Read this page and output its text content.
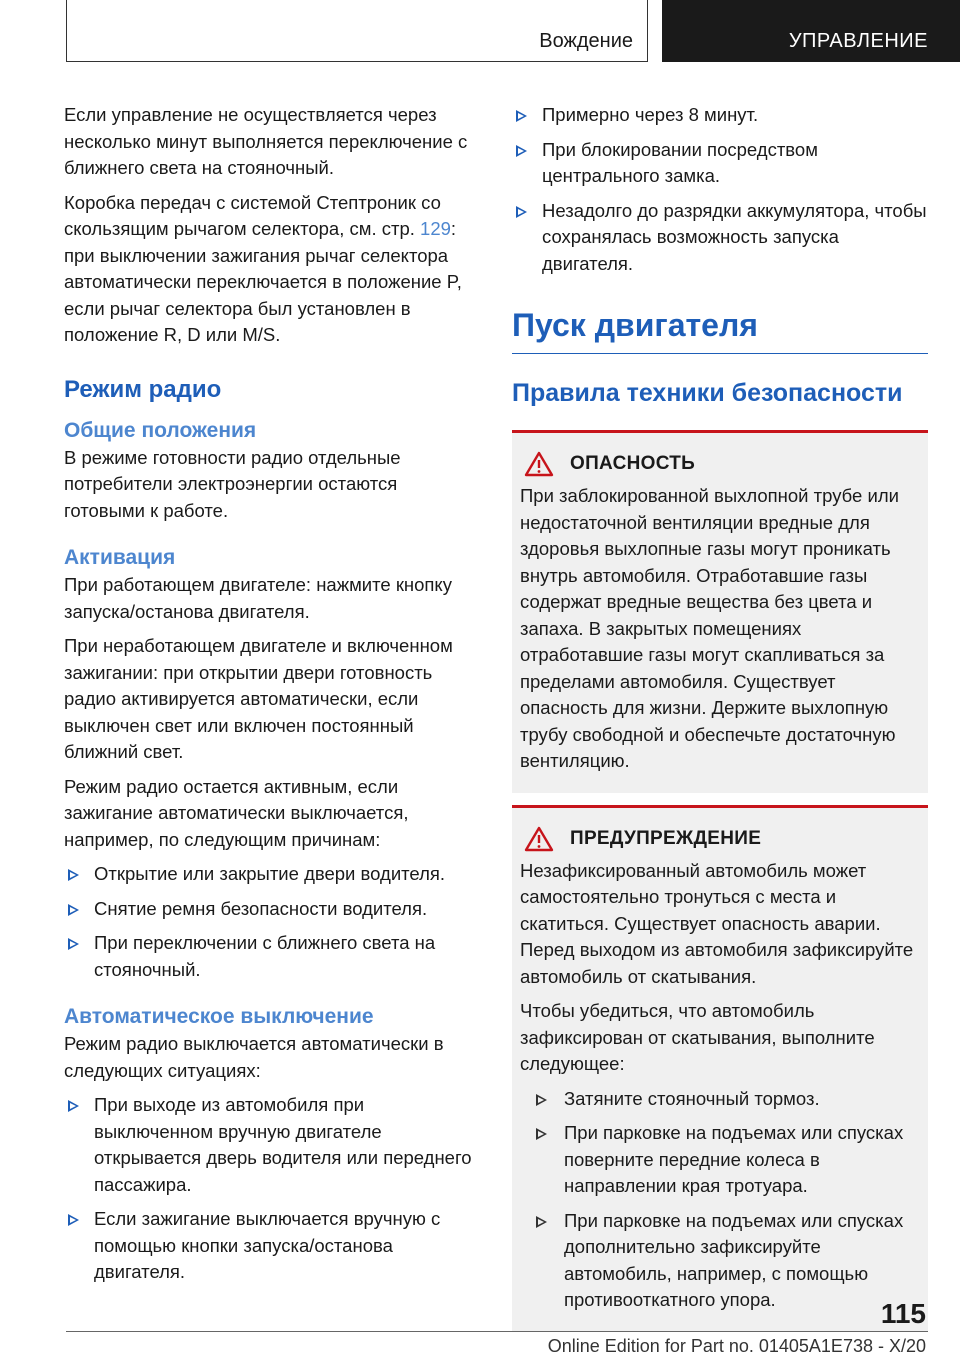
Вождение	УПРАВЛЕНИЕ

Если управление не осуществляется через несколько минут выполняется переключение с ближнего света на стояночный.

Коробка передач с системой Стептроник со скользящим рычагом селектора, см. стр. 129: при выключении зажигания рычаг селектора автоматически переключается в положение P, если рычаг селектора был установлен в положение R, D или M/S.

Режим радио
Общие положения

В режиме готовности радио отдельные потребители электроэнергии остаются готовыми к работе.

Активация

При работающем двигателе: нажмите кнопку запуска/останова двигателя.

При неработающем двигателе и включенном зажигании: при открытии двери готовность радио активируется автоматически, если выключен свет или включен постоянный ближний свет.

Режим радио остается активным, если зажигание автоматически выключается, например, по следующим причинам:

Открытие или закрытие двери водителя.
Снятие ремня безопасности водителя.
При переключении с ближнего света на стояночный.
Автоматическое выключение

Режим радио выключается автоматически в следующих ситуациях:

При выходе из автомобиля при выключенном вручную двигателе открывается дверь водителя или переднего пассажира.
Если зажигание выключается вручную с помощью кнопки запуска/останова двигателя.
Примерно через 8 минут.
При блокировании посредством центрального замка.
Незадолго до разрядки аккумулятора, чтобы сохранялась возможность запуска двигателя.
Пуск двигателя
Правила техники безопасности
ОПАСНОСТЬ

При заблокированной выхлопной трубе или недостаточной вентиляции вредные для здоровья выхлопные газы могут проникать внутрь автомобиля. Отработавшие газы содержат вредные вещества без цвета и запаха. В закрытых помещениях отработавшие газы могут скапливаться за пределами автомобиля. Существует опасность для жизни. Держите выхлопную трубу свободной и обеспечьте достаточную вентиляцию.

ПРЕДУПРЕЖДЕНИЕ

Незафиксированный автомобиль может самостоятельно тронуться с места и скатиться. Существует опасность аварии. Перед выходом из автомобиля зафиксируйте автомобиль от скатывания.

Чтобы убедиться, что автомобиль зафиксирован от скатывания, выполните следующее:

Затяните стояночный тормоз.
При парковке на подъемах или спусках поверните передние колеса в направлении края тротуара.
При парковке на подъемах или спусках дополнительно зафиксируйте автомобиль, например, с помощью противооткатного упора.	115
Online Edition for Part no. 01405A1E738 - X/20
